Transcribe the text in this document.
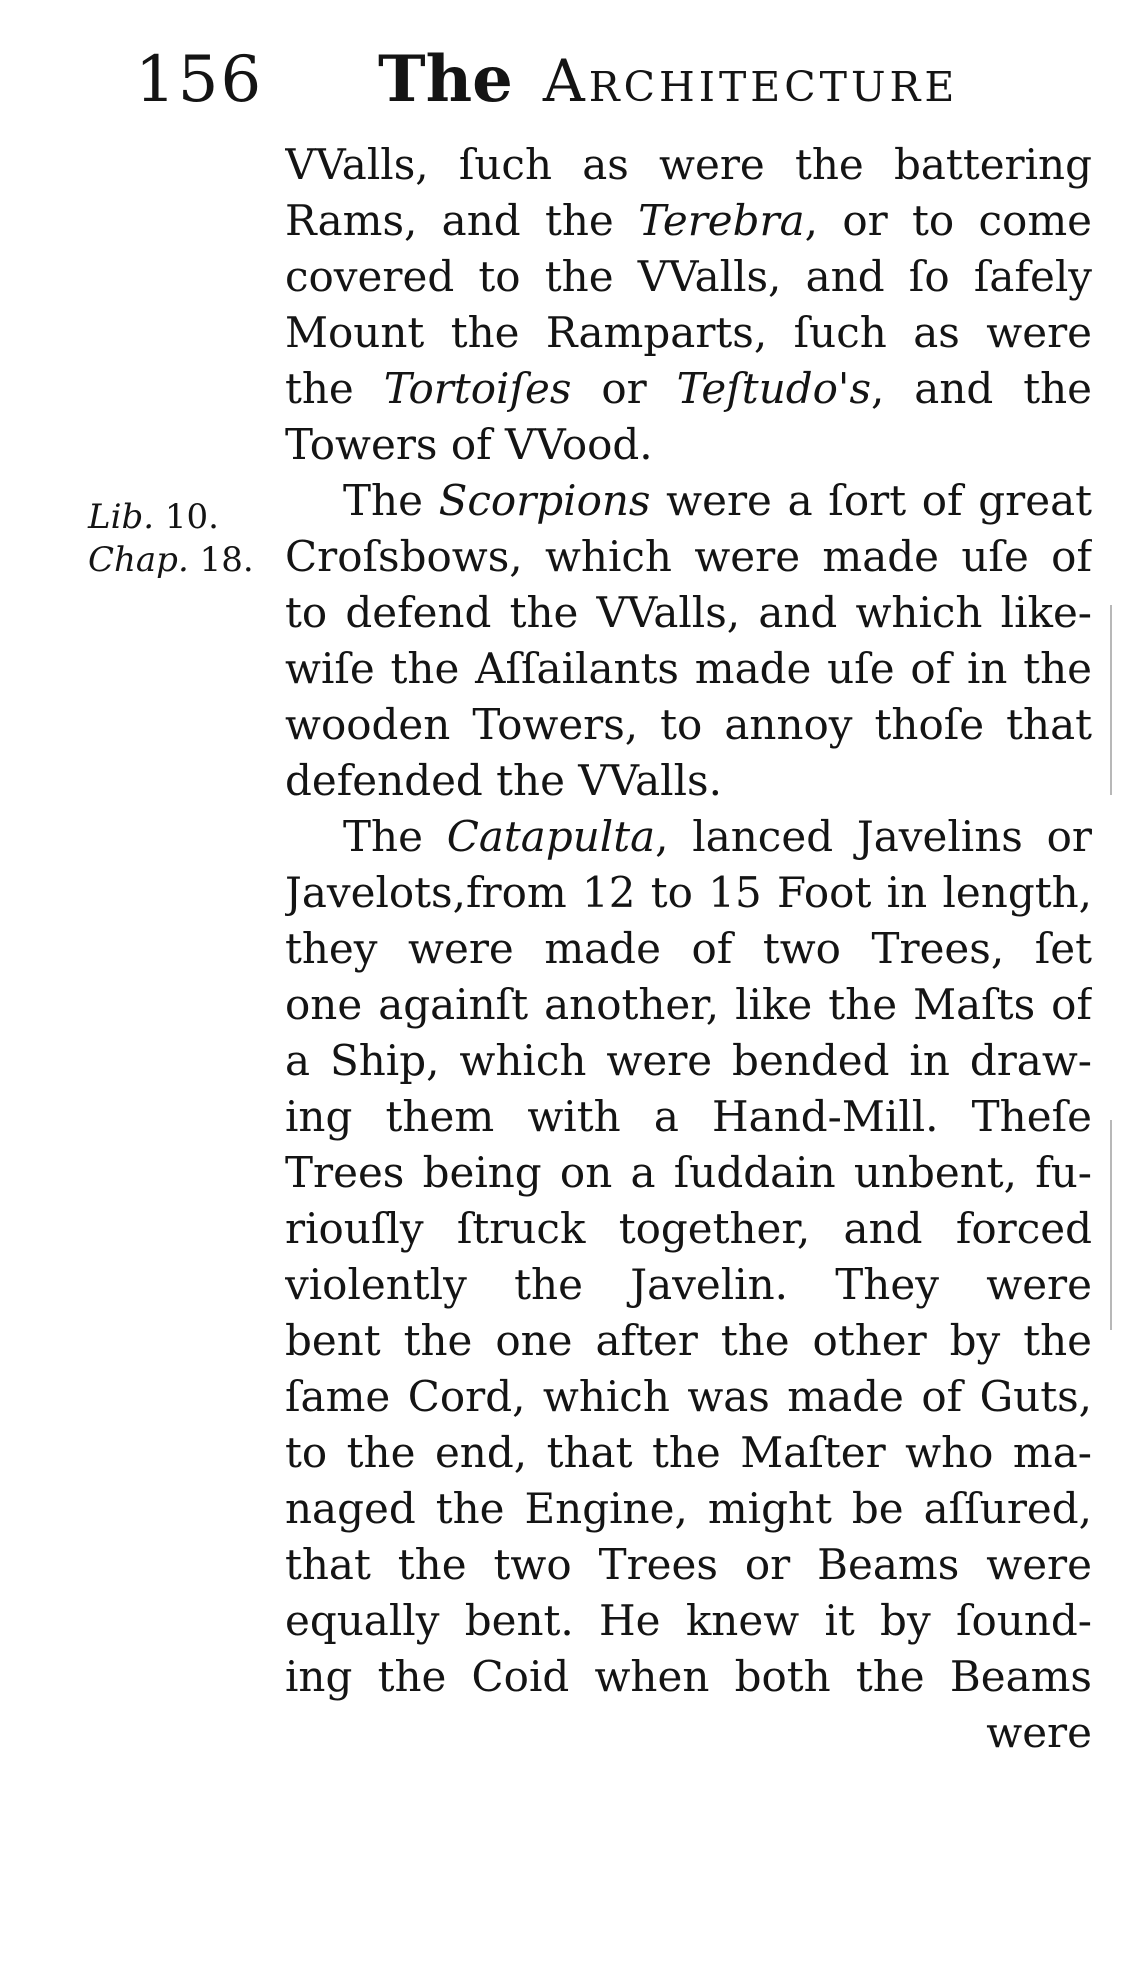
156 The Architecture
Lib. 10.
Chap. 18.
VValls, ſuch as were the battering
Rams, and the Terebra, or to come
covered to the VValls, and ſo ſafely
Mount the Ramparts, ſuch as were
the Tortoiſes or Teſtudo's, and the
Towers of VVood.
The Scorpions were a ſort of great
Croſsbows, which were made uſe of
to defend the VValls, and which like-
wiſe the Aſſailants made uſe of in the
wooden Towers, to annoy thoſe that
defended the VValls.
The Catapulta, lanced Javelins or
Javelots,from 12 to 15 Foot in length,
they were made of two Trees, ſet
one againſt another, like the Maſts of
a Ship, which were bended in draw-
ing them with a Hand-Mill. Theſe
Trees being on a ſuddain unbent, fu-
riouſly ſtruck together, and forced
violently the Javelin. They were
bent the one after the other by the
ſame Cord, which was made of Guts,
to the end, that the Maſter who ma-
naged the Engine, might be aſſured,
that the two Trees or Beams were
equally bent. He knew it by ſound-
ing the Coid when both the Beams
were
